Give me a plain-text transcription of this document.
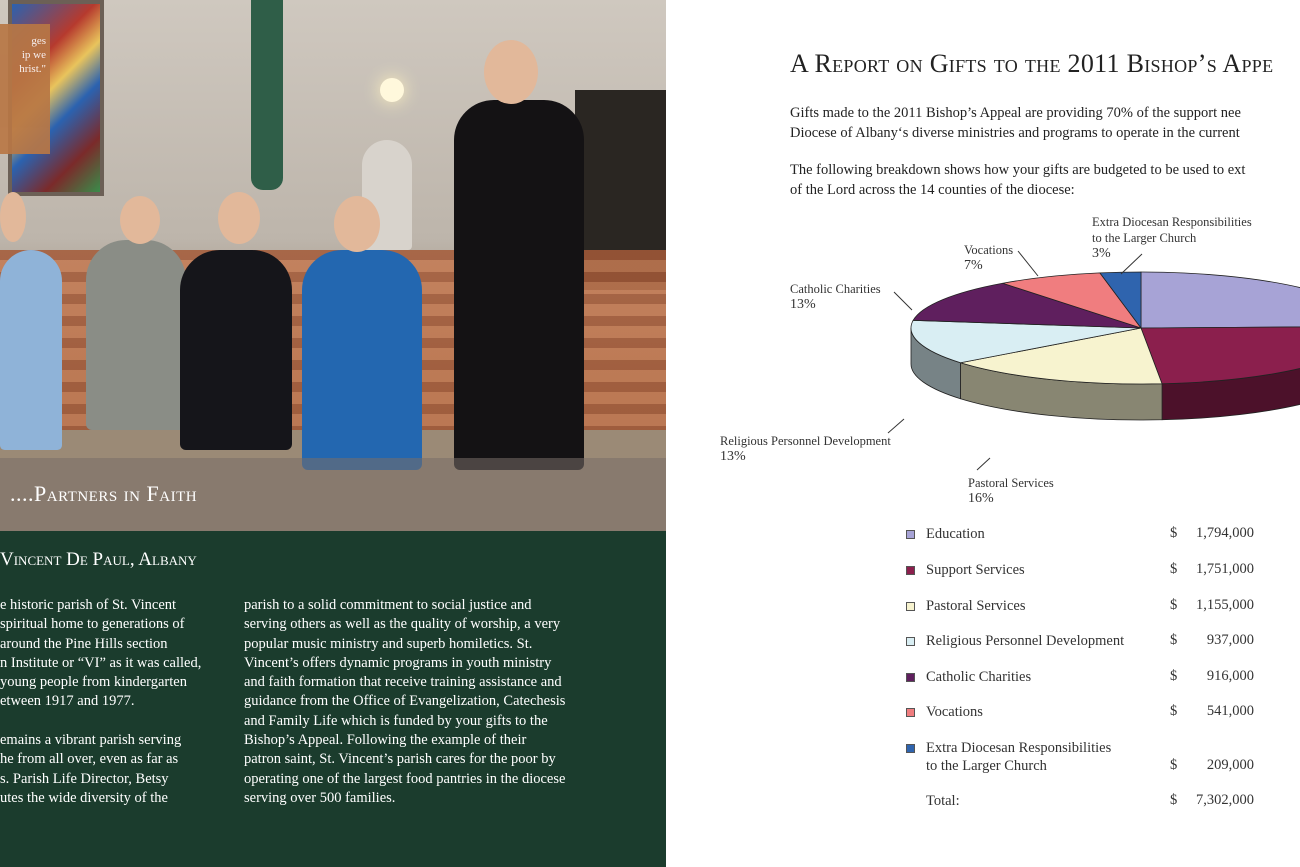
ges
ip we
hrist."
....Partners in Faith
Vincent De Paul, Albany

e historic parish of St. Vincent

spiritual home to generations of

around the Pine Hills section

n Institute or “VI” as it was called,

young people from kindergarten

etween 1917 and 1977.

emains a vibrant parish serving

he from all over, even as far as

s. Parish Life Director, Betsy

utes the wide diversity of the

parish to a solid commitment to social justice and

serving others as well as the quality of worship, a very

popular music ministry and superb homiletics. St.

Vincent’s offers dynamic programs in youth ministry

and faith formation that receive training assistance and

guidance from the Office of Evangelization, Catechesis

and Family Life which is funded by your gifts to the

Bishop’s Appeal. Following the example of their

patron saint, St. Vincent’s parish cares for the poor by

operating one of the largest food pantries in the diocese

serving over 500 families.

A Report on Gifts to the 2011 Bishop’s Appe

Gifts made to the 2011 Bishop’s Appeal are providing 70% of the support nee

Diocese of Albany‘s diverse ministries and programs to operate in the current

The following breakdown shows how your gifts are budgeted to be used to ext

of the Lord across the 14 counties of the diocese:

Catholic Charities
13%
Vocations
7%
Extra Diocesan Responsibilities
to the Larger Church
3%
Religious Personnel Development
13%
Pastoral Services
16%
Education	$	1,794,000
Support Services	$	1,751,000
Pastoral Services	$	1,155,000
Religious Personnel Development	$	937,000
Catholic Charities	$	916,000
Vocations	$	541,000
Extra Diocesan Responsibilities
to the Larger Church	$	209,000
Total:	$	7,302,000
